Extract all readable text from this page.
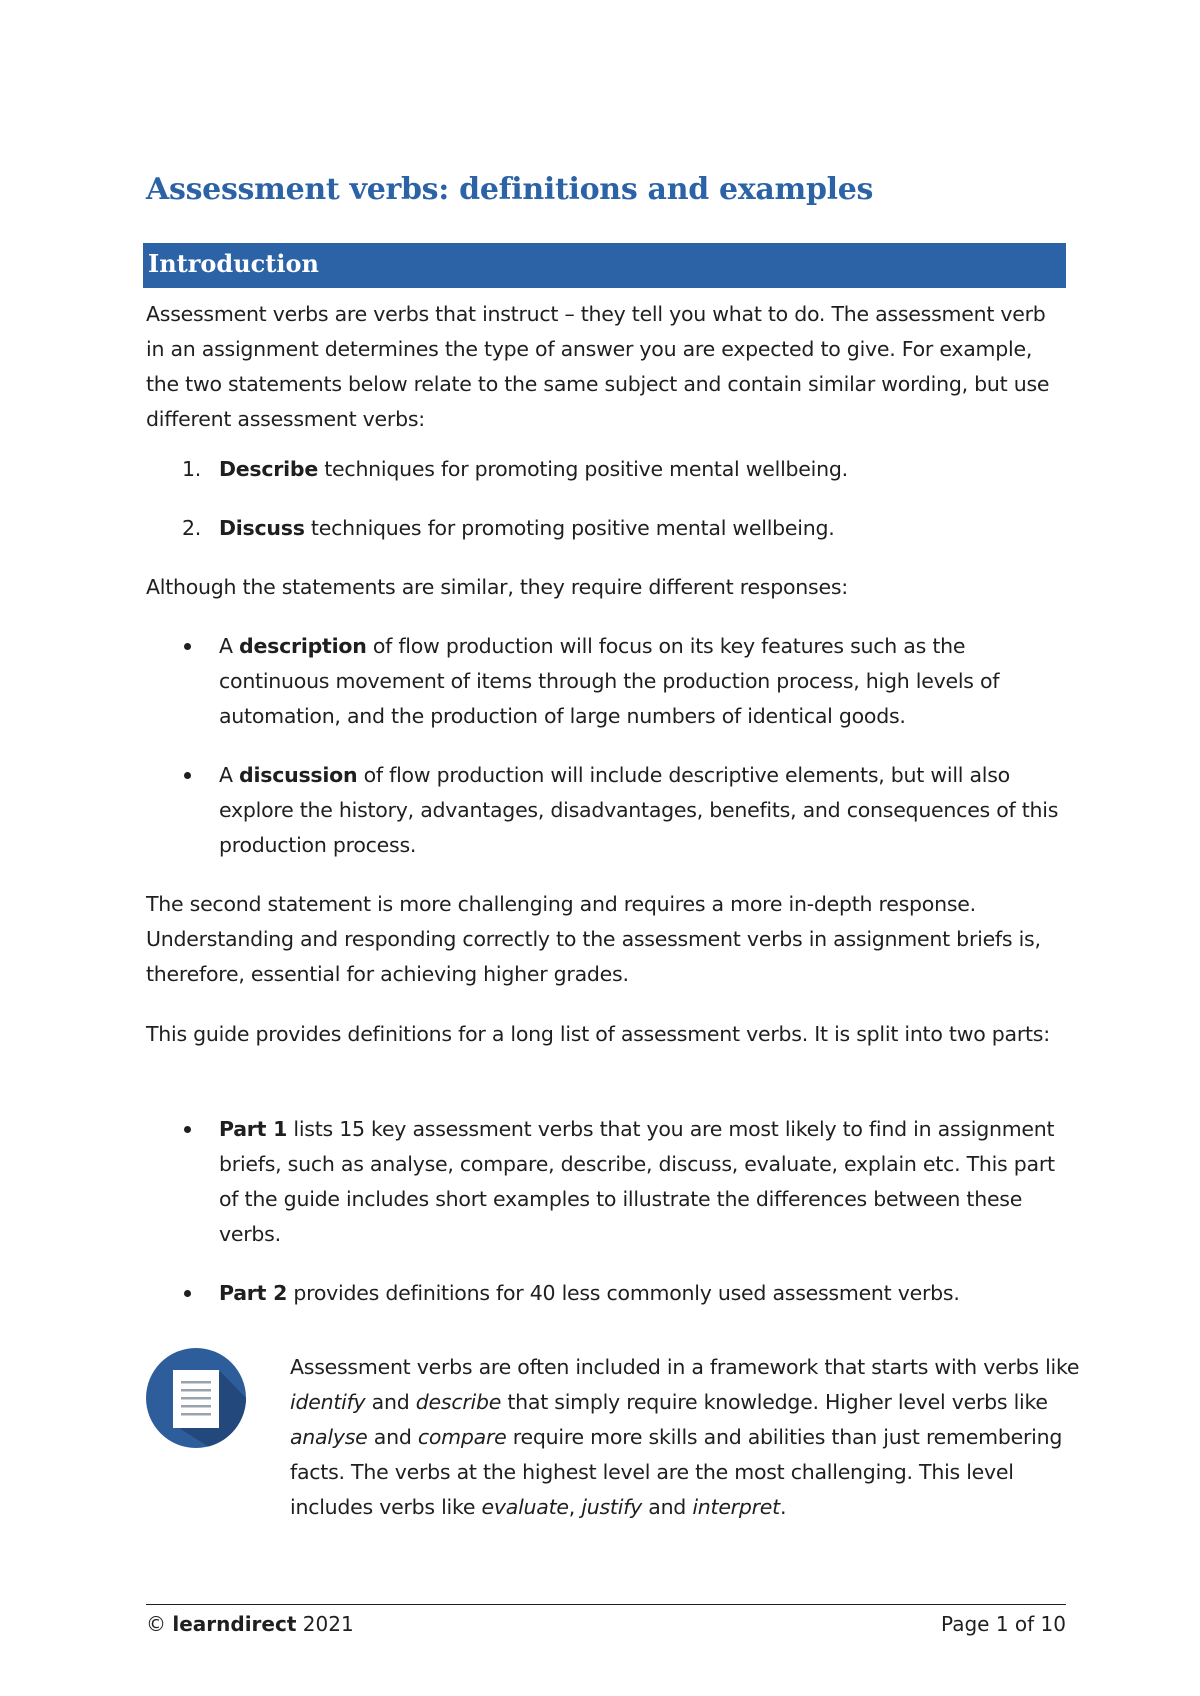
Assessment verbs: definitions and examples
Introduction

Assessment verbs are verbs that instruct – they tell you what to do. The assessment verb in an assignment determines the type of answer you are expected to give. For example, the two statements below relate to the same subject and contain similar wording, but use different assessment verbs:

1. Describe techniques for promoting positive mental wellbeing.
2. Discuss techniques for promoting positive mental wellbeing.

Although the statements are similar, they require different responses:

A description of flow production will focus on its key features such as the continuous movement of items through the production process, high levels of automation, and the production of large numbers of identical goods.
A discussion of flow production will include descriptive elements, but will also explore the history, advantages, disadvantages, benefits, and consequences of this production process.

The second statement is more challenging and requires a more in-depth response. Understanding and responding correctly to the assessment verbs in assignment briefs is, therefore, essential for achieving higher grades.

This guide provides definitions for a long list of assessment verbs. It is split into two parts:

Part 1 lists 15 key assessment verbs that you are most likely to find in assignment briefs, such as analyse, compare, describe, discuss, evaluate, explain etc. This part of the guide includes short examples to illustrate the differences between these verbs.
Part 2 provides definitions for 40 less commonly used assessment verbs.
Assessment verbs are often included in a framework that starts with verbs like identify and describe that simply require knowledge. Higher level verbs like analyse and compare require more skills and abilities than just remembering facts. The verbs at the highest level are the most challenging. This level includes verbs like evaluate, justify and interpret.
© learndirect 2021	Page 1 of 10
